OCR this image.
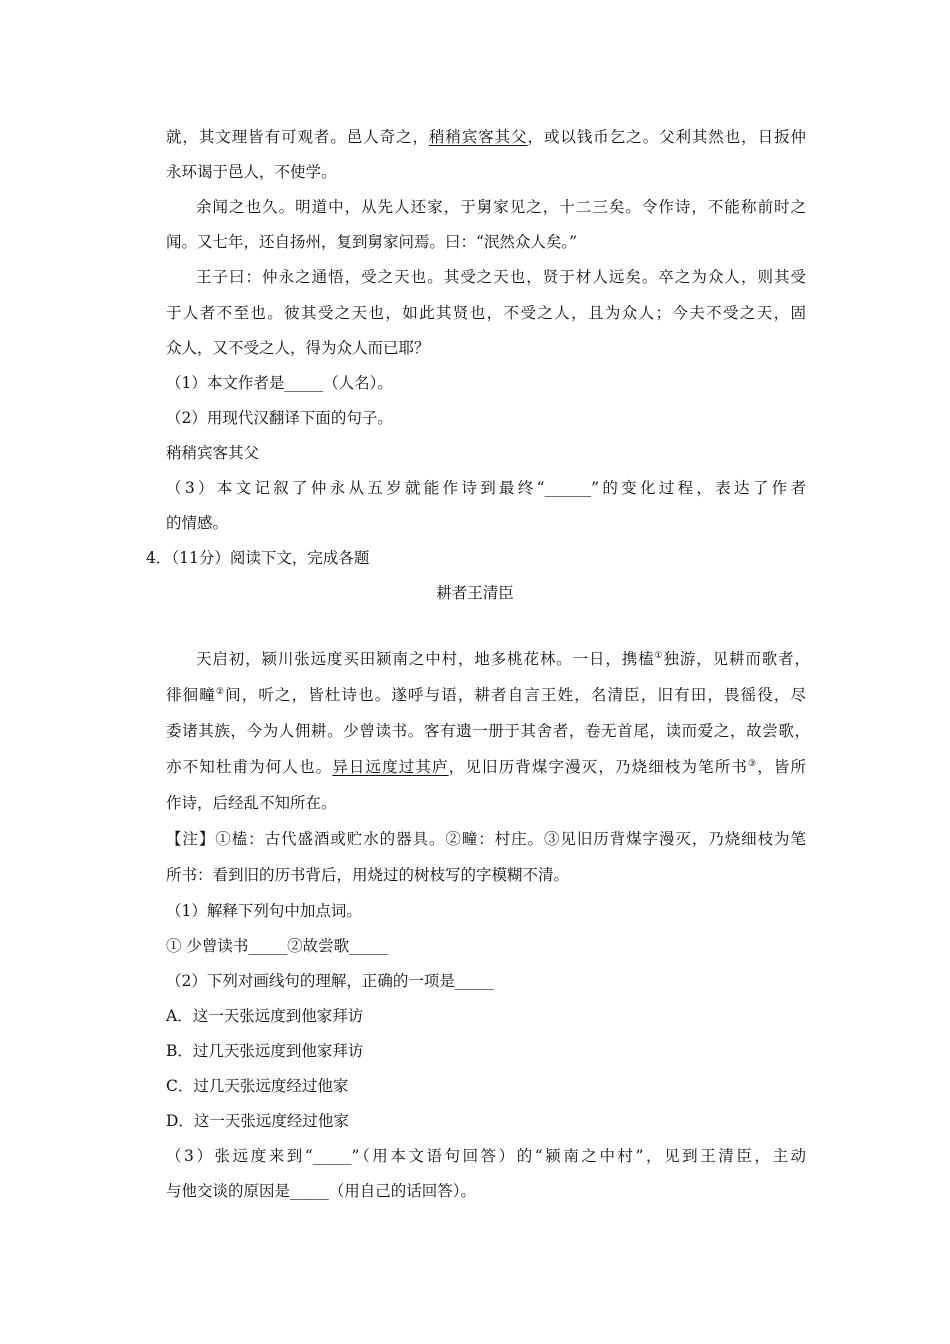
就，其文理皆有可观者。邑人奇之，稍稍宾客其父，或以钱币乞之。父利其然也，日扳仲
永环谒于邑人，不使学。
余闻之也久。明道中，从先人还家，于舅家见之，十二三矣。令作诗，不能称前时之
闻。又七年，还自扬州，复到舅家问焉。曰：“泯然众人矣。”
王子曰：仲永之通悟，受之天也。其受之天也，贤于材人远矣。卒之为众人，则其受
于人者不至也。彼其受之天也，如此其贤也，不受之人，且为众人；今夫不受之天，固
众人，又不受之人，得为众人而已耶？
（1）本文作者是_____（人名）。
（2）用现代汉翻译下面的句子。
稍稍宾客其父
（3）本文记叙了仲永从五岁就能作诗到最终“______”的变化过程，表达了作者
的情感。
4．（11分）阅读下文，完成各题
耕者王清臣
天启初，颍川张远度买田颍南之中村，地多桃花林。一日，携榼①独游，见耕而歌者，
徘徊疃②间，听之，皆杜诗也。遂呼与语，耕者自言王姓，名清臣，旧有田，畏徭役，尽
委诸其族，今为人佣耕。少曾读书。客有遗一册于其舍者，卷无首尾，读而爱之，故尝歌，
亦不知杜甫为何人也。异日远度过其庐，见旧历背煤字漫灭，乃烧细枝为笔所书③，皆所
作诗，后经乱不知所在。
【注】①榼：古代盛酒或贮水的器具。②疃：村庄。③见旧历背煤字漫灭，乃烧细枝为笔
所书：看到旧的历书背后，用烧过的树枝写的字模糊不清。
（1）解释下列句中加点词。
① 少曾读书_____②故尝歌_____
（2）下列对画线句的理解，正确的一项是_____
A．这一天张远度到他家拜访
B．过几天张远度到他家拜访
C．过几天张远度经过他家
D．这一天张远度经过他家
（3）张远度来到“_____”（用本文语句回答）的“颍南之中村”，见到王清臣，主动
与他交谈的原因是_____（用自己的话回答）。
